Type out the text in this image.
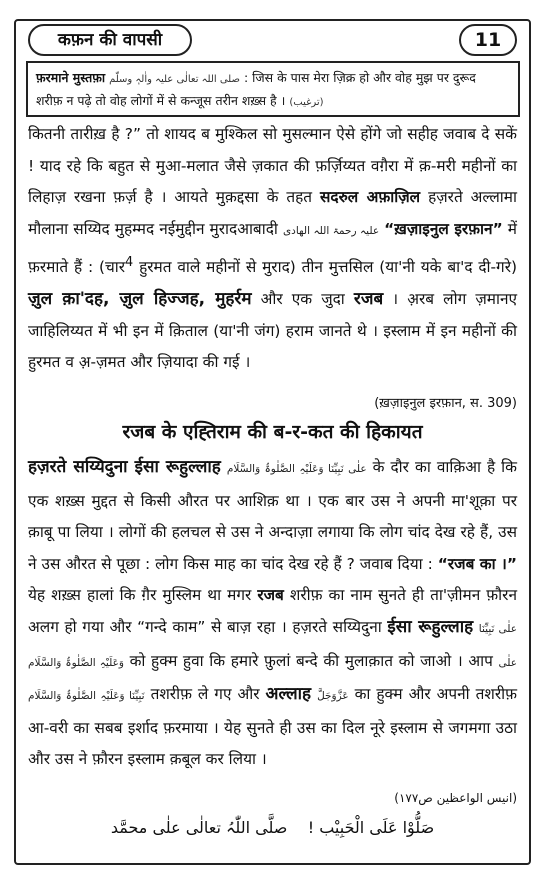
कफ़न की वापसी	11
फ़रमाने मुस्तफ़ा صلی اللہ تعالٰی علیہ واٰلہٖ وسلّم : जिस के पास मेरा ज़िक्र हो और वोह मुझ पर दुरूद
शरीफ़ न पढ़े तो वोह लोगों में से कन्जूस तरीन शख़्स है । (ترغیب)
कितनी तारीख़ है ?” तो शायद ब मुश्किल सो मुसल्मान ऐसे होंगे जो सहीह जवाब दे सकें ! याद रहे कि बहुत से मुआ-मलात जैसे ज़कात की फ़र्ज़िय्यत वग़ैरा में क़-मरी महीनों का लिहाज़ रखना फ़र्ज़ है । आयते मुक़द्दसा के तहत सदरुल अफ़ाज़िल हज़रते अल्लामा मौलाना सय्यिद मुहम्मद नईमुद्दीन मुरादआबादी علیہ رحمۃ اللہ الھادی “ख़ज़ाइनुल इरफ़ान” में फ़रमाते हैं : (चार$^4$ हुरमत वाले महीनों से मुराद) तीन मुत्तसिल (या'नी यके बा'द दी-गरे) ज़ुल क़ा'दह, ज़ुल हिज्जह, मुहर्रम और एक जुदा रजब । अ़रब लोग ज़मानए जाहिलिय्यत में भी इन में क़िताल (या'नी जंग) हराम जानते थे । इस्लाम में इन महीनों की हुरमत व अ़-ज़मत और ज़ियादा की गई ।
(ख़ज़ाइनुल इरफ़ान, स. 309)
रजब के एह्तिराम की ब-र-कत की हिकायत
हज़रते सय्यिदुना ईसा रूहुल्लाह علٰی نَبِیِّنَا وَعَلَیْہِ الصَّلٰوۃُ وَالسَّلَام के दौर का वाक़िआ है कि एक शख़्स मुद्दत से किसी औरत पर आशिक़ था । एक बार उस ने अपनी मा'शूक़ा पर क़ाबू पा लिया । लोगों की हलचल से उस ने अन्दाज़ा लगाया कि लोग चांद देख रहे हैं, उस ने उस औरत से पूछा : लोग किस माह का चांद देख रहे हैं ? जवाब दिया : “रजब का ।” येह शख़्स हालां कि ग़ैर मुस्लिम था मगर रजब शरीफ़ का नाम सुनते ही ता'ज़ीमन फ़ौरन अलग हो गया और “गन्दे काम” से बाज़ रहा । हज़रते सय्यिदुना ईसा रूहुल्लाह علٰی نَبِیِّنَا وَعَلَیْہِ الصَّلٰوۃُ وَالسَّلَام को हुक्म हुवा कि हमारे फ़ुलां बन्दे की मुलाक़ात को जाओ । आप علٰی نَبِیِّنَا وَعَلَیْہِ الصَّلٰوۃُ وَالسَّلَام तशरीफ़ ले गए और अल्लाह عَزَّوَجَلَّ का हुक्म और अपनी तशरीफ़ आ-वरी का सबब इर्शाद फ़रमाया । येह सुनते ही उस का दिल नूरे इस्लाम से जगमगा उठा और उस ने फ़ौरन इस्लाम क़बूल कर लिया ।
(انیس الواعظین ص۱۷۷)
صَلُّوْا عَلَی الْحَبِیْب !    صلَّی اللّٰہُ تعالٰی علٰی محمَّد
